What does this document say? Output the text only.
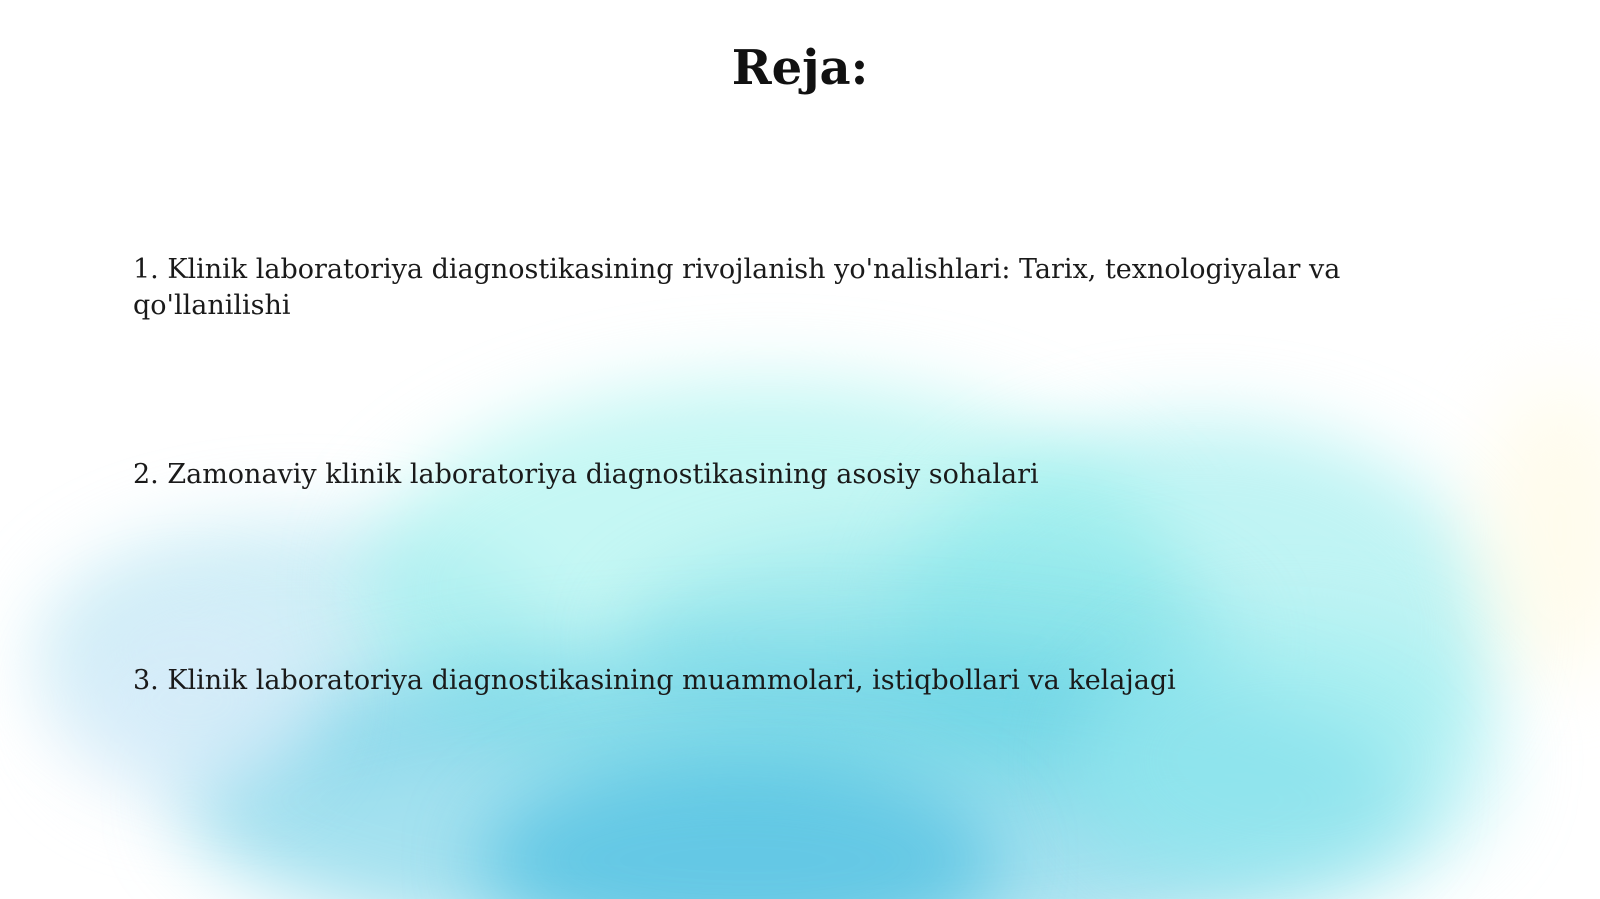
Reja:

1. Klinik laboratoriya diagnostikasining rivojlanish yo'nalishlari: Tarix, texnologiyalar va qo'llanilishi

2. Zamonaviy klinik laboratoriya diagnostikasining asosiy sohalari

3. Klinik laboratoriya diagnostikasining muammolari, istiqbollari va kelajagi
